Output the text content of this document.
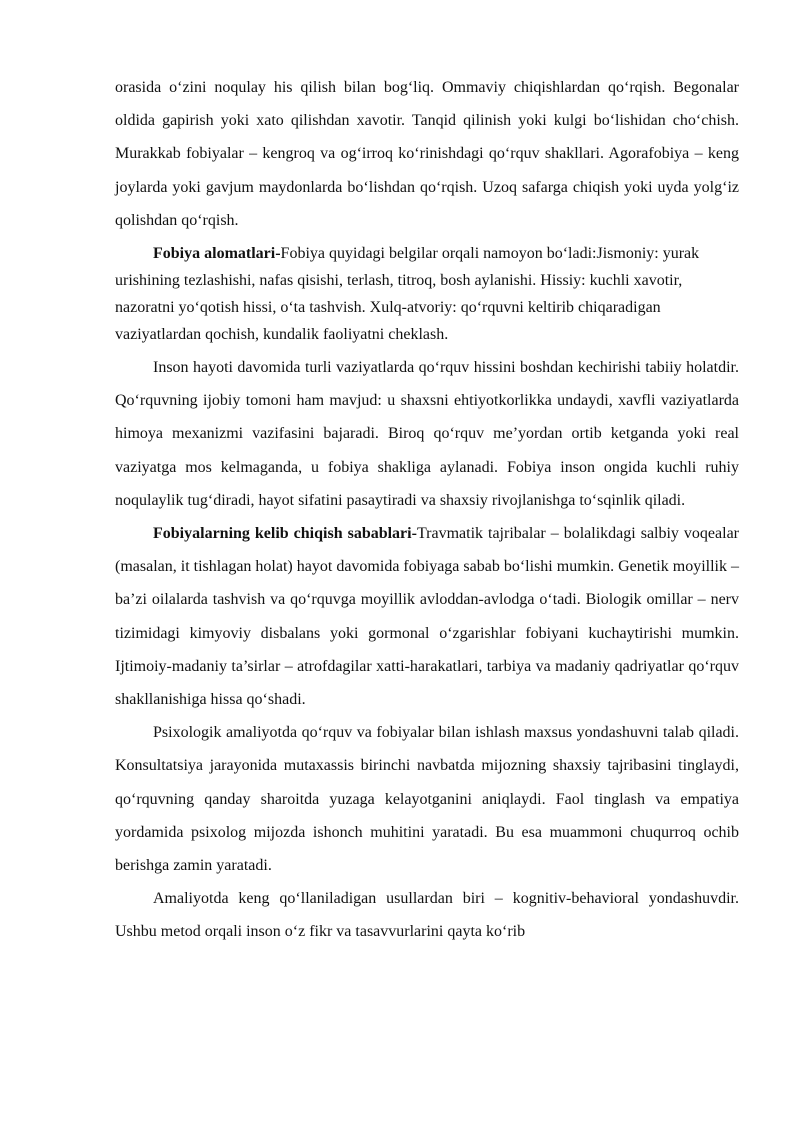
orasida o‘zini noqulay his qilish bilan bog‘liq. Ommaviy chiqishlardan qo‘rqish. Begonalar oldida gapirish yoki xato qilishdan xavotir. Tanqid qilinish yoki kulgi bo‘lishidan cho‘chish. Murakkab fobiyalar – kengroq va og‘irroq ko‘rinishdagi qo‘rquv shakllari. Agorafobiya – keng joylarda yoki gavjum maydonlarda bo‘lishdan qo‘rqish. Uzoq safarga chiqish yoki uyda yolg‘iz qolishdan qo‘rqish.

Fobiya alomatlari-Fobiya quyidagi belgilar orqali namoyon bo‘ladi:Jismoniy: yurak urishining tezlashishi, nafas qisishi, terlash, titroq, bosh aylanishi. Hissiy: kuchli xavotir, nazoratni yo‘qotish hissi, o‘ta tashvish. Xulq-atvoriy: qo‘rquvni keltirib chiqaradigan vaziyatlardan qochish, kundalik faoliyatni cheklash.

Inson hayoti davomida turli vaziyatlarda qo‘rquv hissini boshdan kechirishi tabiiy holatdir. Qo‘rquvning ijobiy tomoni ham mavjud: u shaxsni ehtiyotkorlikka undaydi, xavfli vaziyatlarda himoya mexanizmi vazifasini bajaradi. Biroq qo‘rquv me’yordan ortib ketganda yoki real vaziyatga mos kelmaganda, u fobiya shakliga aylanadi. Fobiya inson ongida kuchli ruhiy noqulaylik tug‘diradi, hayot sifatini pasaytiradi va shaxsiy rivojlanishga to‘sqinlik qiladi.

Fobiyalarning kelib chiqish sabablari-Travmatik tajribalar – bolalikdagi salbiy voqealar (masalan, it tishlagan holat) hayot davomida fobiyaga sabab bo‘lishi mumkin. Genetik moyillik – ba’zi oilalarda tashvish va qo‘rquvga moyillik avloddan-avlodga o‘tadi. Biologik omillar – nerv tizimidagi kimyoviy disbalans yoki gormonal o‘zgarishlar fobiyani kuchaytirishi mumkin. Ijtimoiy-madaniy ta’sirlar – atrofdagilar xatti-harakatlari, tarbiya va madaniy qadriyatlar qo‘rquv shakllanishiga hissa qo‘shadi.

Psixologik amaliyotda qo‘rquv va fobiyalar bilan ishlash maxsus yondashuvni talab qiladi. Konsultatsiya jarayonida mutaxassis birinchi navbatda mijozning shaxsiy tajribasini tinglaydi, qo‘rquvning qanday sharoitda yuzaga kelayotganini aniqlaydi. Faol tinglash va empatiya yordamida psixolog mijozda ishonch muhitini yaratadi. Bu esa muammoni chuqurroq ochib berishga zamin yaratadi.

Amaliyotda keng qo‘llaniladigan usullardan biri – kognitiv-behavioral yondashuvdir. Ushbu metod orqali inson o‘z fikr va tasavvurlarini qayta ko‘rib
